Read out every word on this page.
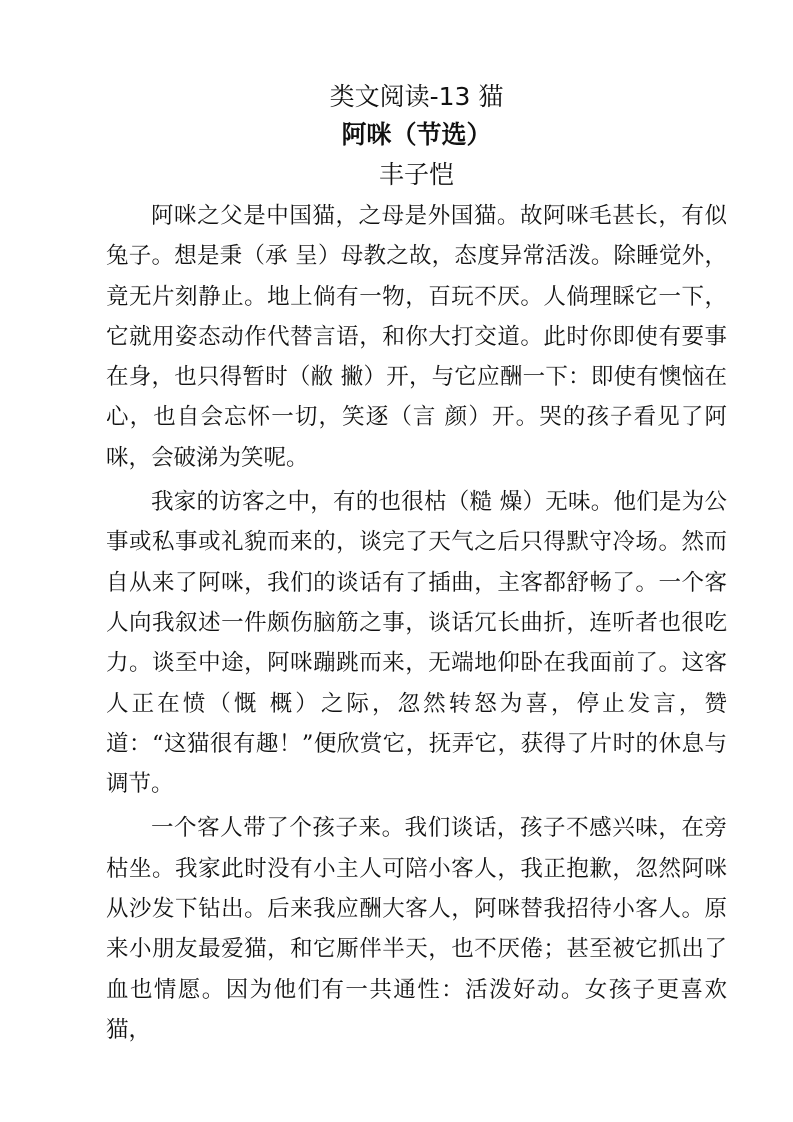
类文阅读-13 猫
阿咪（节选）
丰子恺

阿咪之父是中国猫，之母是外国猫。故阿咪毛甚长，有似兔子。想是秉（承 呈）母教之故，态度异常活泼。除睡觉外，竟无片刻静止。地上倘有一物，百玩不厌。人倘理睬它一下，它就用姿态动作代替言语，和你大打交道。此时你即使有要事在身，也只得暂时（敝 撇）开，与它应酬一下：即使有懊恼在心，也自会忘怀一切，笑逐（言 颜）开。哭的孩子看见了阿咪，会破涕为笑呢。

我家的访客之中，有的也很枯（糙 燥）无味。他们是为公事或私事或礼貌而来的，谈完了天气之后只得默守冷场。然而自从来了阿咪，我们的谈话有了插曲，主客都舒畅了。一个客人向我叙述一件颇伤脑筋之事，谈话冗长曲折，连听者也很吃力。谈至中途，阿咪蹦跳而来，无端地仰卧在我面前了。这客人正在愤（慨 概）之际，忽然转怒为喜，停止发言，赞道：“这猫很有趣！”便欣赏它，抚弄它，获得了片时的休息与调节。

一个客人带了个孩子来。我们谈话，孩子不感兴味，在旁枯坐。我家此时没有小主人可陪小客人，我正抱歉，忽然阿咪从沙发下钻出。后来我应酬大客人，阿咪替我招待小客人。原来小朋友最爱猫，和它厮伴半天，也不厌倦；甚至被它抓出了血也情愿。因为他们有一共通性：活泼好动。女孩子更喜欢猫，
